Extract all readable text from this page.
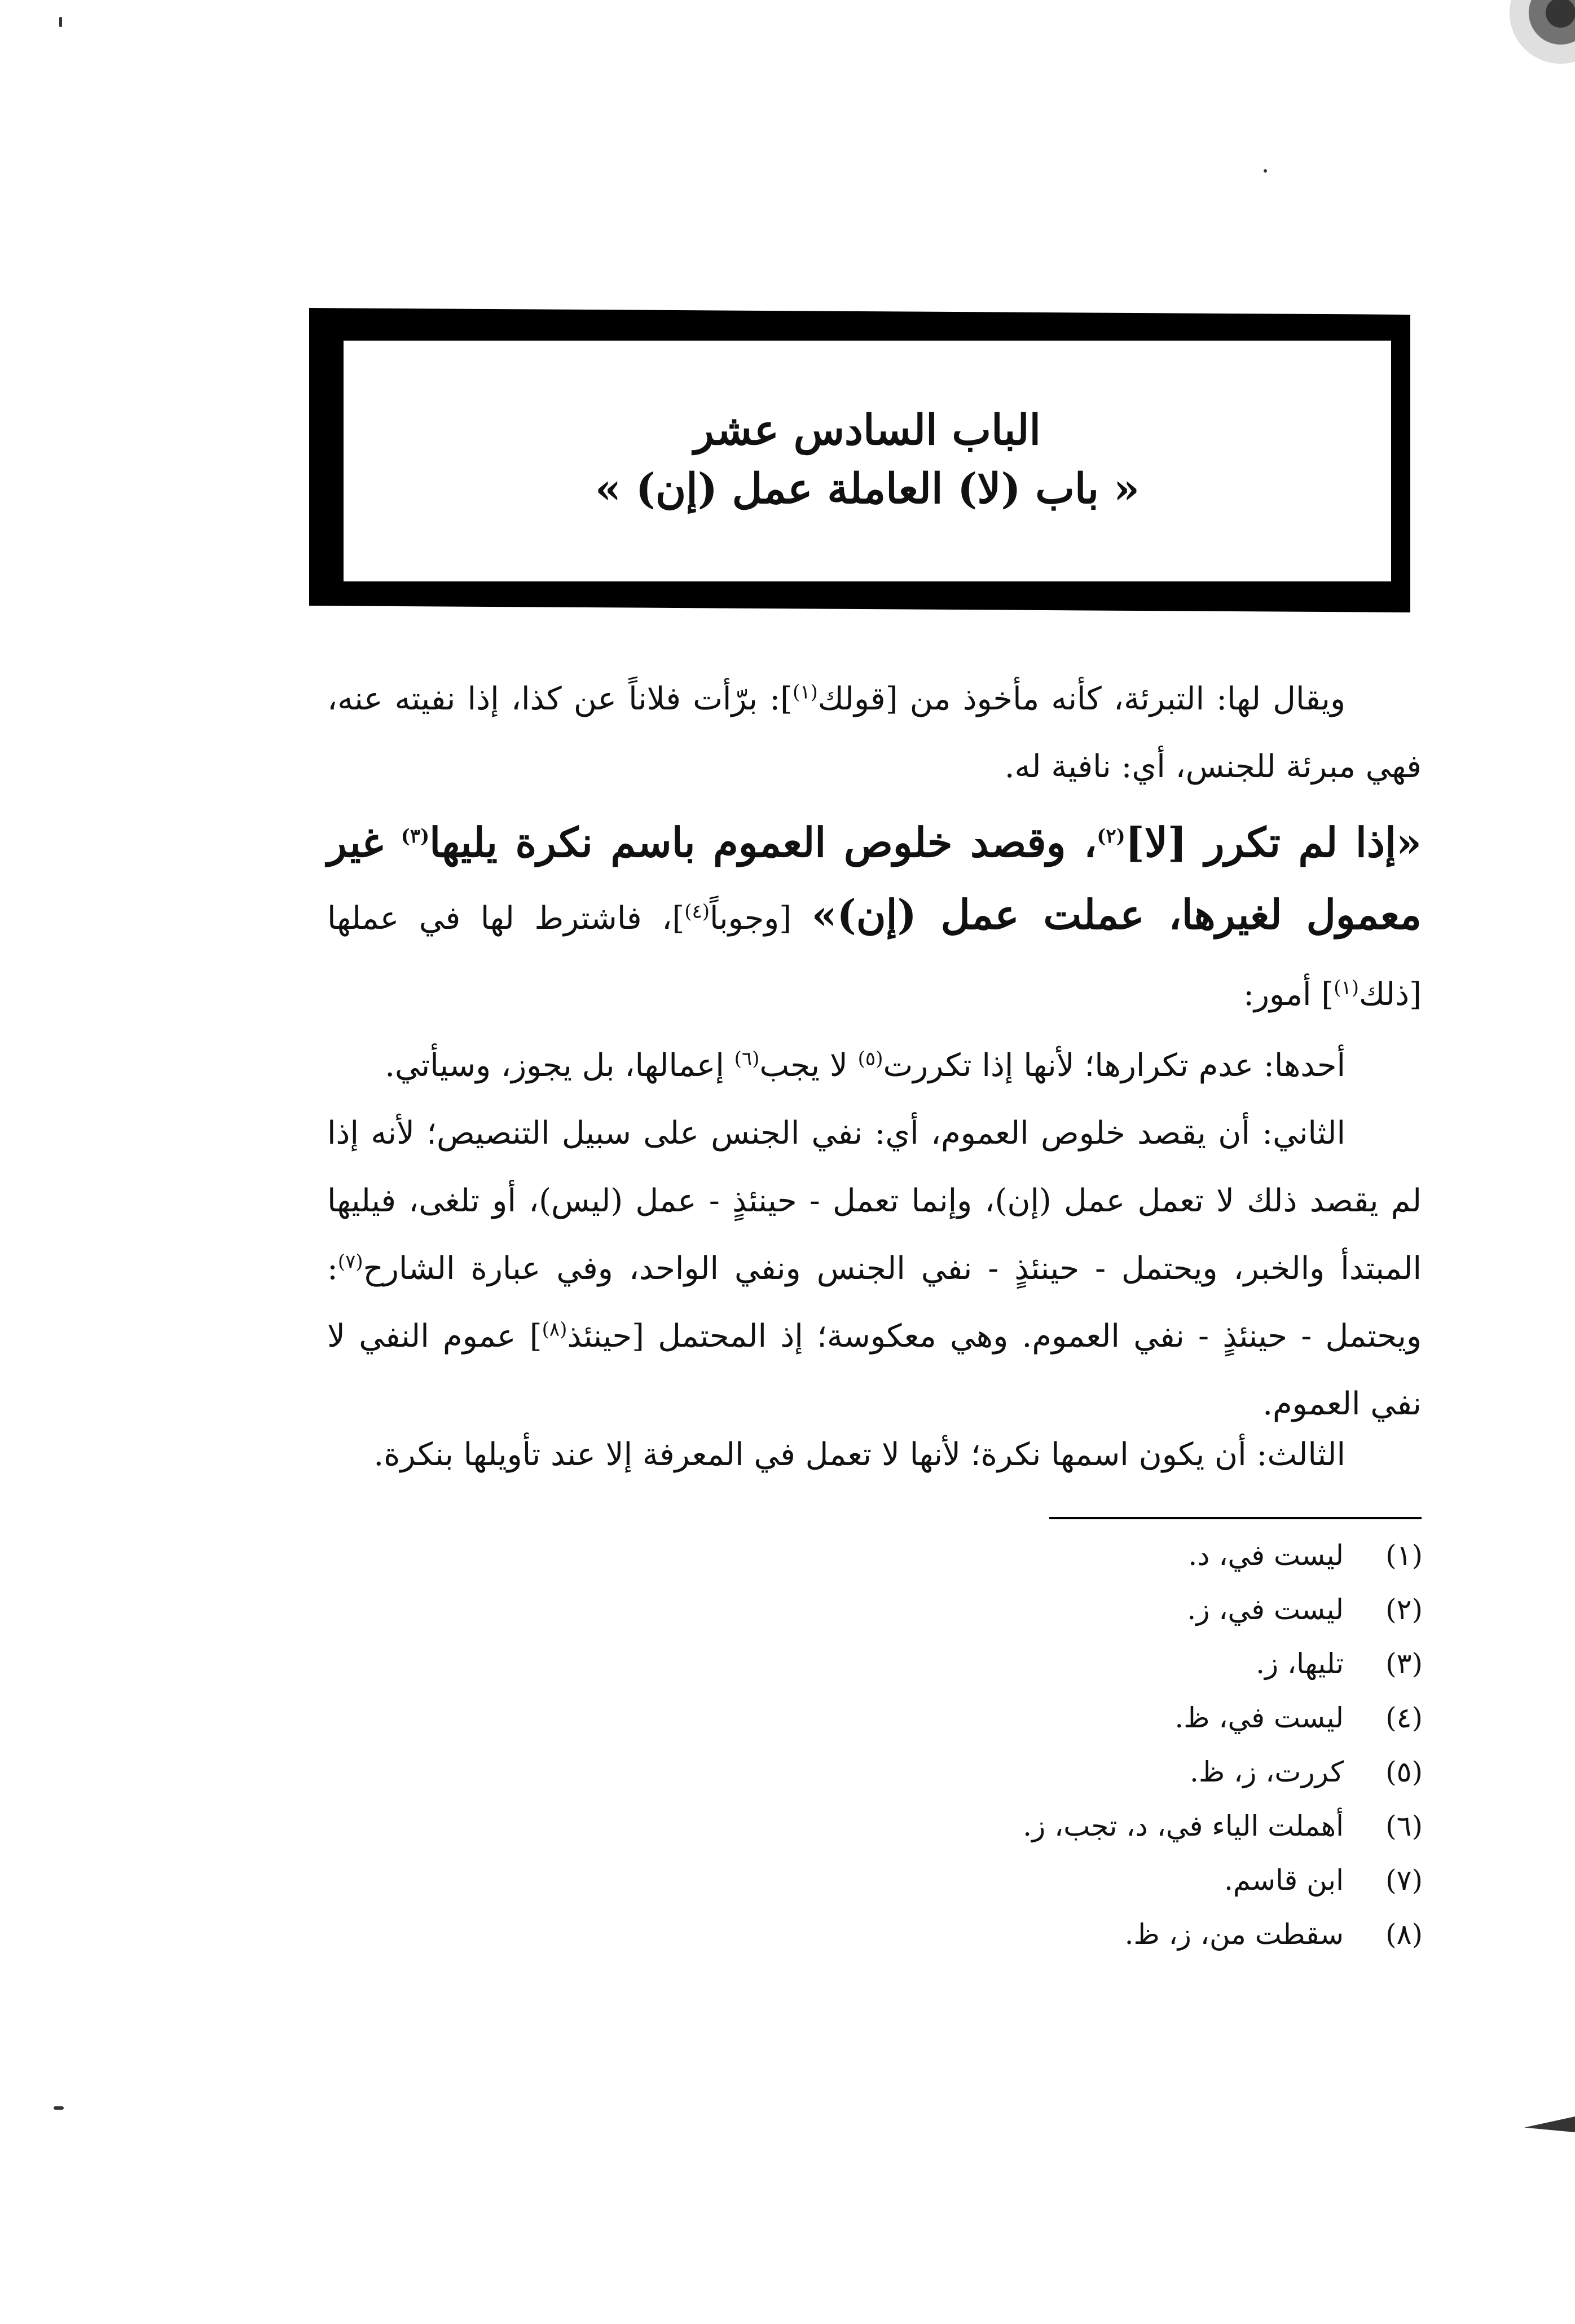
الباب السادس عشر
« باب (لا) العاملة عمل (إن) »

ويقال لها: التبرئة، كأنه مأخوذ من [قولك$^{(١)}$]: برّأت فلاناً عن كذا، إذا نفيته عنه، فهي مبرئة للجنس، أي: نافية له.

«إذا لم تكرر [لا]$^{(٢)}$، وقصد خلوص العموم باسم نكرة يليها$^{(٣)}$ غير معمول لغيرها، عملت عمل (إن)» [وجوباً$^{(٤)}$]، فاشترط لها في عملها [ذلك$^{(١)}$] أمور:

أحدها: عدم تكرارها؛ لأنها إذا تكررت$^{(٥)}$ لا يجب$^{(٦)}$ إعمالها، بل يجوز، وسيأتي.

الثاني: أن يقصد خلوص العموم، أي: نفي الجنس على سبيل التنصيص؛ لأنه إذا لم يقصد ذلك لا تعمل عمل (إن)، وإنما تعمل - حينئذٍ - عمل (ليس)، أو تلغى، فيليها المبتدأ والخبر، ويحتمل - حينئذٍ - نفي الجنس ونفي الواحد، وفي عبارة الشارح$^{(٧)}$: ويحتمل - حينئذٍ - نفي العموم. وهي معكوسة؛ إذ المحتمل [حينئذ$^{(٨)}$] عموم النفي لا نفي العموم.

الثالث: أن يكون اسمها نكرة؛ لأنها لا تعمل في المعرفة إلا عند تأويلها بنكرة.

(١)ليست في، د.
(٢)ليست في، ز.
(٣)تليها، ز.
(٤)ليست في، ظ.
(٥)كررت، ز، ظ.
(٦)أهملت الياء في، د، تجب، ز.
(٧)ابن قاسم.
(٨)سقطت من، ز، ظ.
